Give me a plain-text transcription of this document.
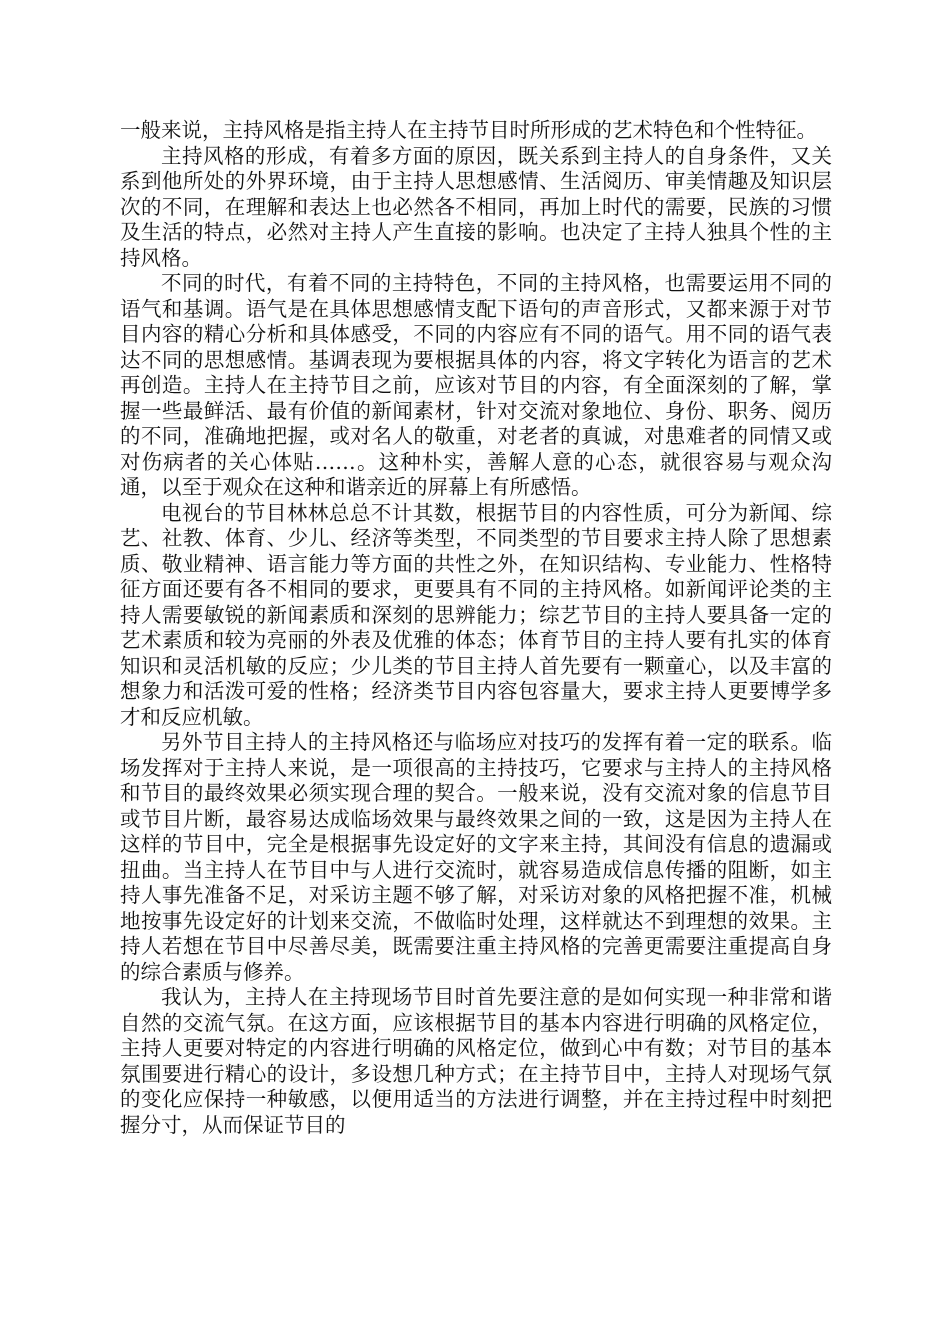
一般来说，主持风格是指主持人在主持节目时所形成的艺术特色和个性特征。

主持风格的形成，有着多方面的原因，既关系到主持人的自身条件，又关系到他所处的外界环境，由于主持人思想感情、生活阅历、审美情趣及知识层次的不同，在理解和表达上也必然各不相同，再加上时代的需要，民族的习惯及生活的特点，必然对主持人产生直接的影响。也决定了主持人独具个性的主持风格。

不同的时代，有着不同的主持特色，不同的主持风格，也需要运用不同的语气和基调。语气是在具体思想感情支配下语句的声音形式，又都来源于对节目内容的精心分析和具体感受，不同的内容应有不同的语气。用不同的语气表达不同的思想感情。基调表现为要根据具体的内容，将文字转化为语言的艺术再创造。主持人在主持节目之前，应该对节目的内容，有全面深刻的了解，掌握一些最鲜活、最有价值的新闻素材，针对交流对象地位、身份、职务、阅历的不同，准确地把握，或对名人的敬重，对老者的真诚，对患难者的同情又或对伤病者的关心体贴……。这种朴实，善解人意的心态，就很容易与观众沟通，以至于观众在这种和谐亲近的屏幕上有所感悟。

电视台的节目林林总总不计其数，根据节目的内容性质，可分为新闻、综艺、社教、体育、少儿、经济等类型，不同类型的节目要求主持人除了思想素质、敬业精神、语言能力等方面的共性之外，在知识结构、专业能力、性格特征方面还要有各不相同的要求，更要具有不同的主持风格。如新闻评论类的主持人需要敏锐的新闻素质和深刻的思辨能力；综艺节目的主持人要具备一定的艺术素质和较为亮丽的外表及优雅的体态；体育节目的主持人要有扎实的体育知识和灵活机敏的反应；少儿类的节目主持人首先要有一颗童心，以及丰富的想象力和活泼可爱的性格；经济类节目内容包容量大，要求主持人更要博学多才和反应机敏。

另外节目主持人的主持风格还与临场应对技巧的发挥有着一定的联系。临场发挥对于主持人来说，是一项很高的主持技巧，它要求与主持人的主持风格和节目的最终效果必须实现合理的契合。一般来说，没有交流对象的信息节目或节目片断，最容易达成临场效果与最终效果之间的一致，这是因为主持人在这样的节目中，完全是根据事先设定好的文字来主持，其间没有信息的遗漏或扭曲。当主持人在节目中与人进行交流时，就容易造成信息传播的阻断，如主持人事先准备不足，对采访主题不够了解，对采访对象的风格把握不准，机械地按事先设定好的计划来交流，不做临时处理，这样就达不到理想的效果。主持人若想在节目中尽善尽美，既需要注重主持风格的完善更需要注重提高自身的综合素质与修养。

我认为，主持人在主持现场节目时首先要注意的是如何实现一种非常和谐自然的交流气氛。在这方面，应该根据节目的基本内容进行明确的风格定位，主持人更要对特定的内容进行明确的风格定位，做到心中有数；对节目的基本氛围要进行精心的设计，多设想几种方式；在主持节目中，主持人对现场气氛的变化应保持一种敏感，以便用适当的方法进行调整，并在主持过程中时刻把握分寸，从而保证节目的
